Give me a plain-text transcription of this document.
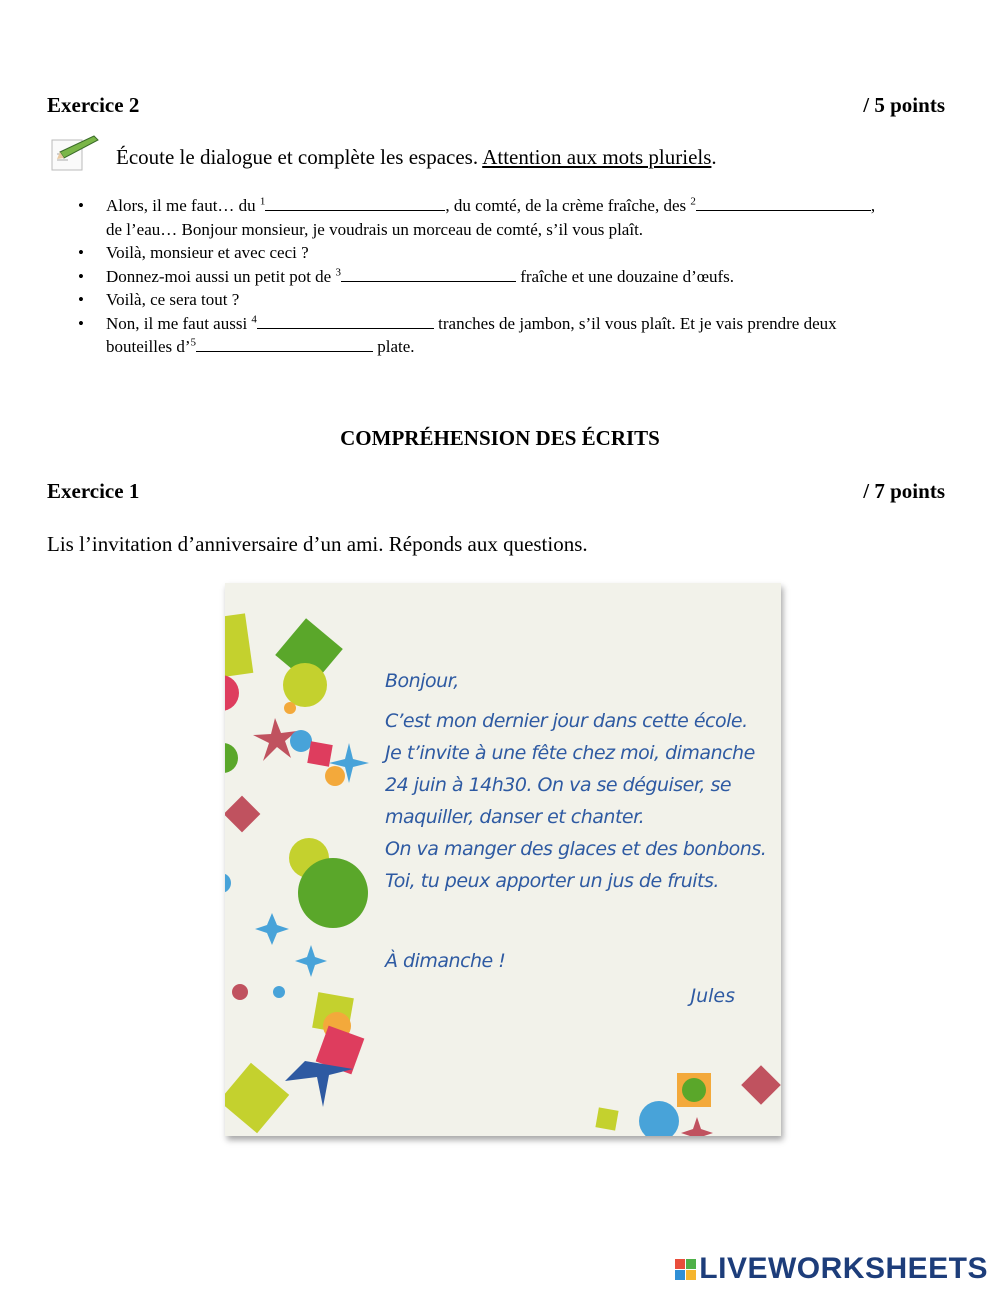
Exercice 2	/ 5 points
Écoute le dialogue et complète les espaces. Attention aux mots pluriels.
• Alors, il me faut… du $^1$	, du comté, de la crème fraîche, des $^2$	,
de l’eau… Bonjour monsieur, je voudrais un morceau de comté, s’il vous plaît.
• Voilà, monsieur et avec ceci ?
• Donnez-moi aussi un petit pot de $^3$	fraîche et une douzaine d’œufs.
• Voilà, ce sera tout ?
• Non, il me faut aussi $^4$	tranches de jambon, s’il vous plaît. Et je vais prendre deux
bouteilles d’$^5$	plate.
COMPRÉHENSION DES ÉCRITS
Exercice 1	/ 7 points
Lis l’invitation d’anniversaire d’un ami. Réponds aux questions.
Bonjour,
C’est mon dernier jour dans cette école.
Je t’invite à une fête chez moi, dimanche
24 juin à 14h30. On va se déguiser, se
maquiller, danser et chanter.
On va manger des glaces et des bonbons.
Toi, tu peux apporter un jus de fruits.
À dimanche !
Jules
LIVEWORKSHEETS
